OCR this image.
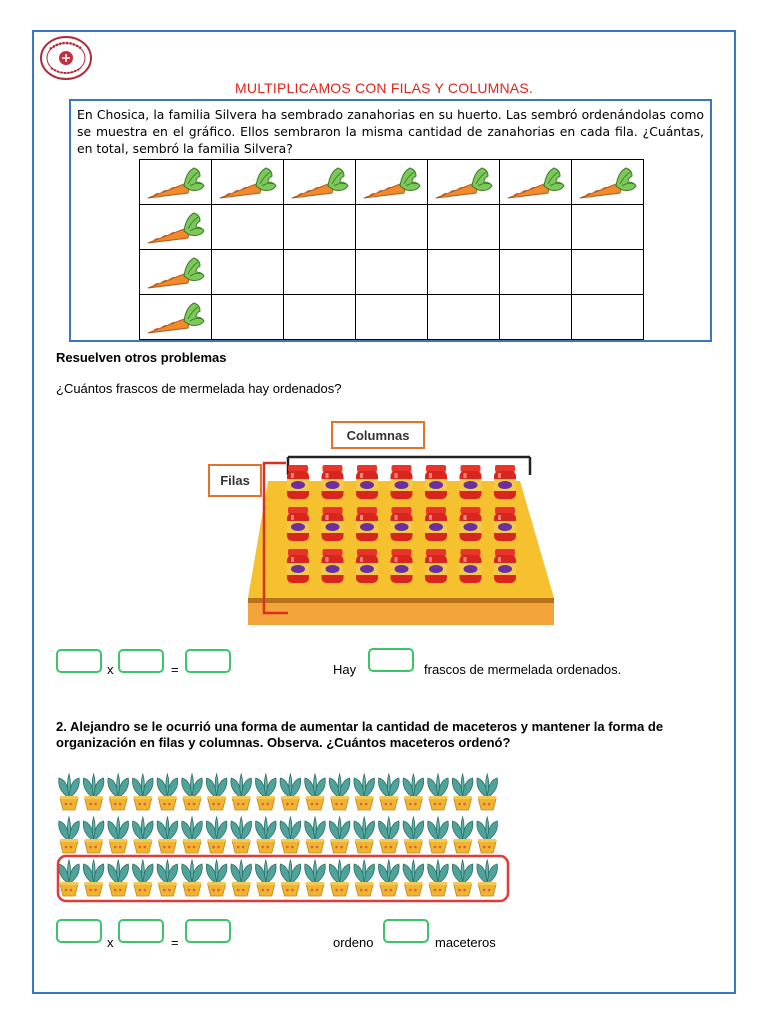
MULTIPLICAMOS CON FILAS Y COLUMNAS.
En Chosica, la familia Silvera ha sembrado zanahorias en su huerto. Las sembró ordenándolas como se muestra en el gráfico. Ellos sembraron la misma cantidad de zanahorias en cada fila. ¿Cuántas, en total, sembró la familia Silvera?

Resuelven otros problemas
¿Cuántos frascos de mermelada hay ordenados?
Columnas
Filas
x	=	Hay	frascos de mermelada ordenados.
2. Alejandro se le ocurrió una forma de aumentar la cantidad de maceteros y mantener la forma de organización en filas y columnas. Observa. ¿Cuántos maceteros ordenó?
x	=	ordeno	maceteros
